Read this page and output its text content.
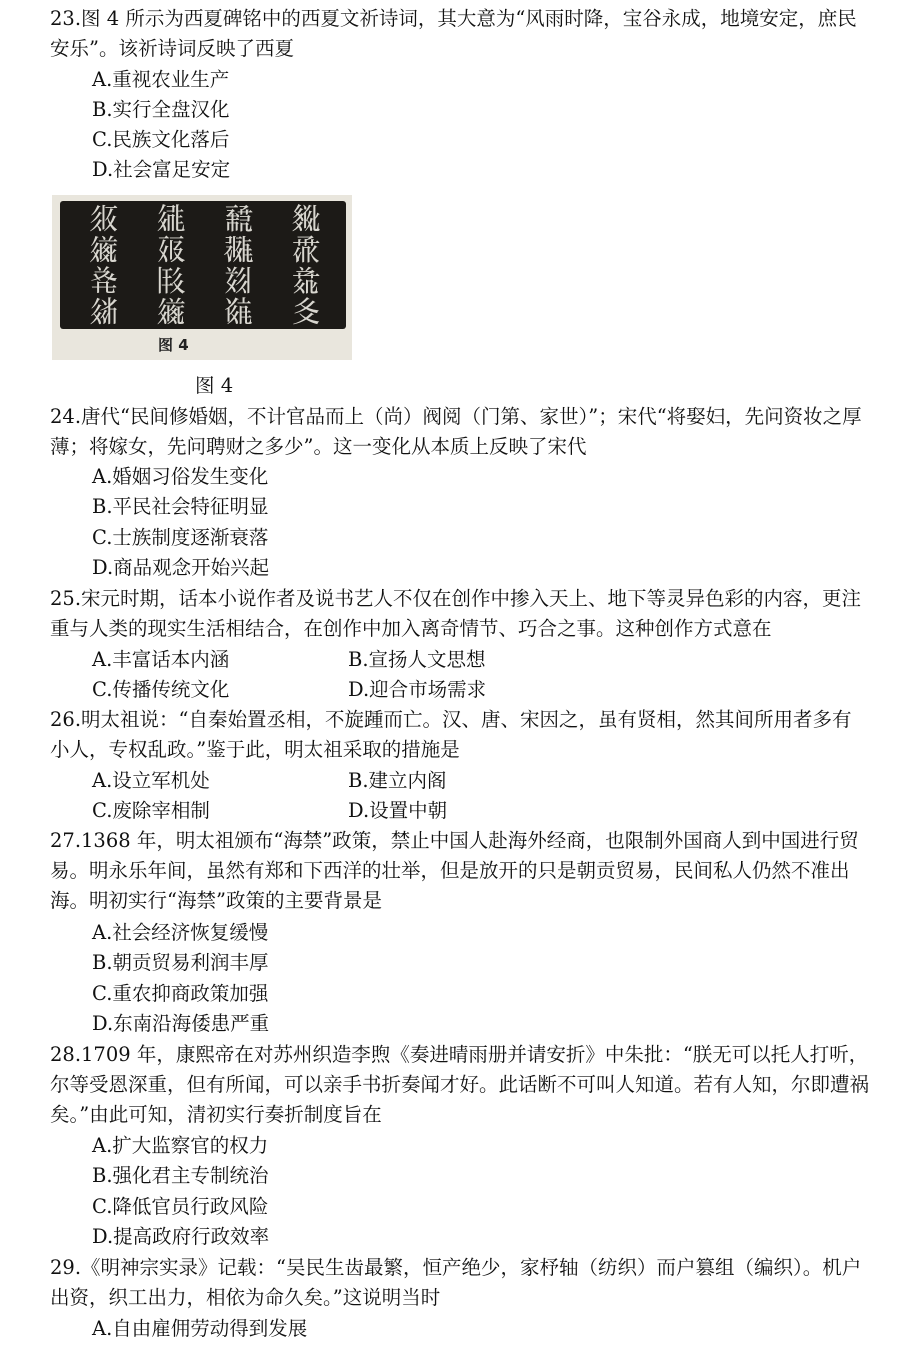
23.图 4 所示为西夏碑铭中的西夏文祈诗词，其大意为“风雨时降，宝谷永成，地境安定，庶民安乐”。该祈诗词反映了西夏

A.重视农业生产
B.实行全盘汉化
C.民族文化落后
D.社会富足安定
𗼇	𗧓	𘔮	𘊗
𗫂	𗡞	𗖵	𘆏
𘑗	𗹜	𘋨	𘎆
𗣫	𗫂	𘌽	𗾆
图 4
图 4

24.唐代“民间修婚姻，不计官品而上（尚）阀阅（门第、家世）”；宋代“将娶妇，先问资妆之厚薄；将嫁女，先问聘财之多少”。这一变化从本质上反映了宋代

A.婚姻习俗发生变化
B.平民社会特征明显
C.士族制度逐渐衰落
D.商品观念开始兴起

25.宋元时期，话本小说作者及说书艺人不仅在创作中掺入天上、地下等灵异色彩的内容，更注重与人类的现实生活相结合，在创作中加入离奇情节、巧合之事。这种创作方式意在

A.丰富话本内涵	B.宣扬人文思想
C.传播传统文化	D.迎合市场需求

26.明太祖说：“自秦始置丞相，不旋踵而亡。汉、唐、宋因之，虽有贤相，然其间所用者多有小人，专权乱政。”鉴于此，明太祖采取的措施是

A.设立军机处	B.建立内阁
C.废除宰相制	D.设置中朝

27.1368 年，明太祖颁布“海禁”政策，禁止中国人赴海外经商，也限制外国商人到中国进行贸易。明永乐年间，虽然有郑和下西洋的壮举，但是放开的只是朝贡贸易，民间私人仍然不准出海。明初实行“海禁”政策的主要背景是

A.社会经济恢复缓慢
B.朝贡贸易利润丰厚
C.重农抑商政策加强
D.东南沿海倭患严重

28.1709 年，康熙帝在对苏州织造李煦《奏进晴雨册并请安折》中朱批：“朕无可以托人打听，尔等受恩深重，但有所闻，可以亲手书折奏闻才好。此话断不可叫人知道。若有人知，尔即遭祸矣。”由此可知，清初实行奏折制度旨在

A.扩大监察官的权力
B.强化君主专制统治
C.降低官员行政风险
D.提高政府行政效率

29.《明神宗实录》记载：“吴民生齿最繁，恒产绝少，家杼轴（纺织）而户篡组（编织）。机户出资，织工出力，相依为命久矣。”这说明当时

A.自由雇佣劳动得到发展
